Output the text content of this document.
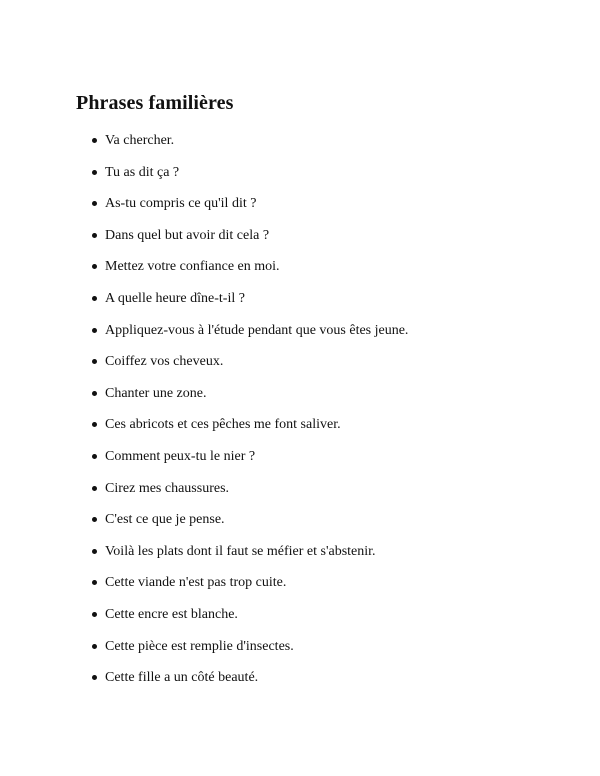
Phrases familières
Va chercher.
Tu as dit ça ?
As-tu compris ce qu'il dit ?
Dans quel but avoir dit cela ?
Mettez votre confiance en moi.
A quelle heure dîne-t-il ?
Appliquez-vous à l'étude pendant que vous êtes jeune.
Coiffez vos cheveux.
Chanter une zone.
Ces abricots et ces pêches me font saliver.
Comment peux-tu le nier ?
Cirez mes chaussures.
C'est ce que je pense.
Voilà les plats dont il faut se méfier et s'abstenir.
Cette viande n'est pas trop cuite.
Cette encre est blanche.
Cette pièce est remplie d'insectes.
Cette fille a un côté beauté.
